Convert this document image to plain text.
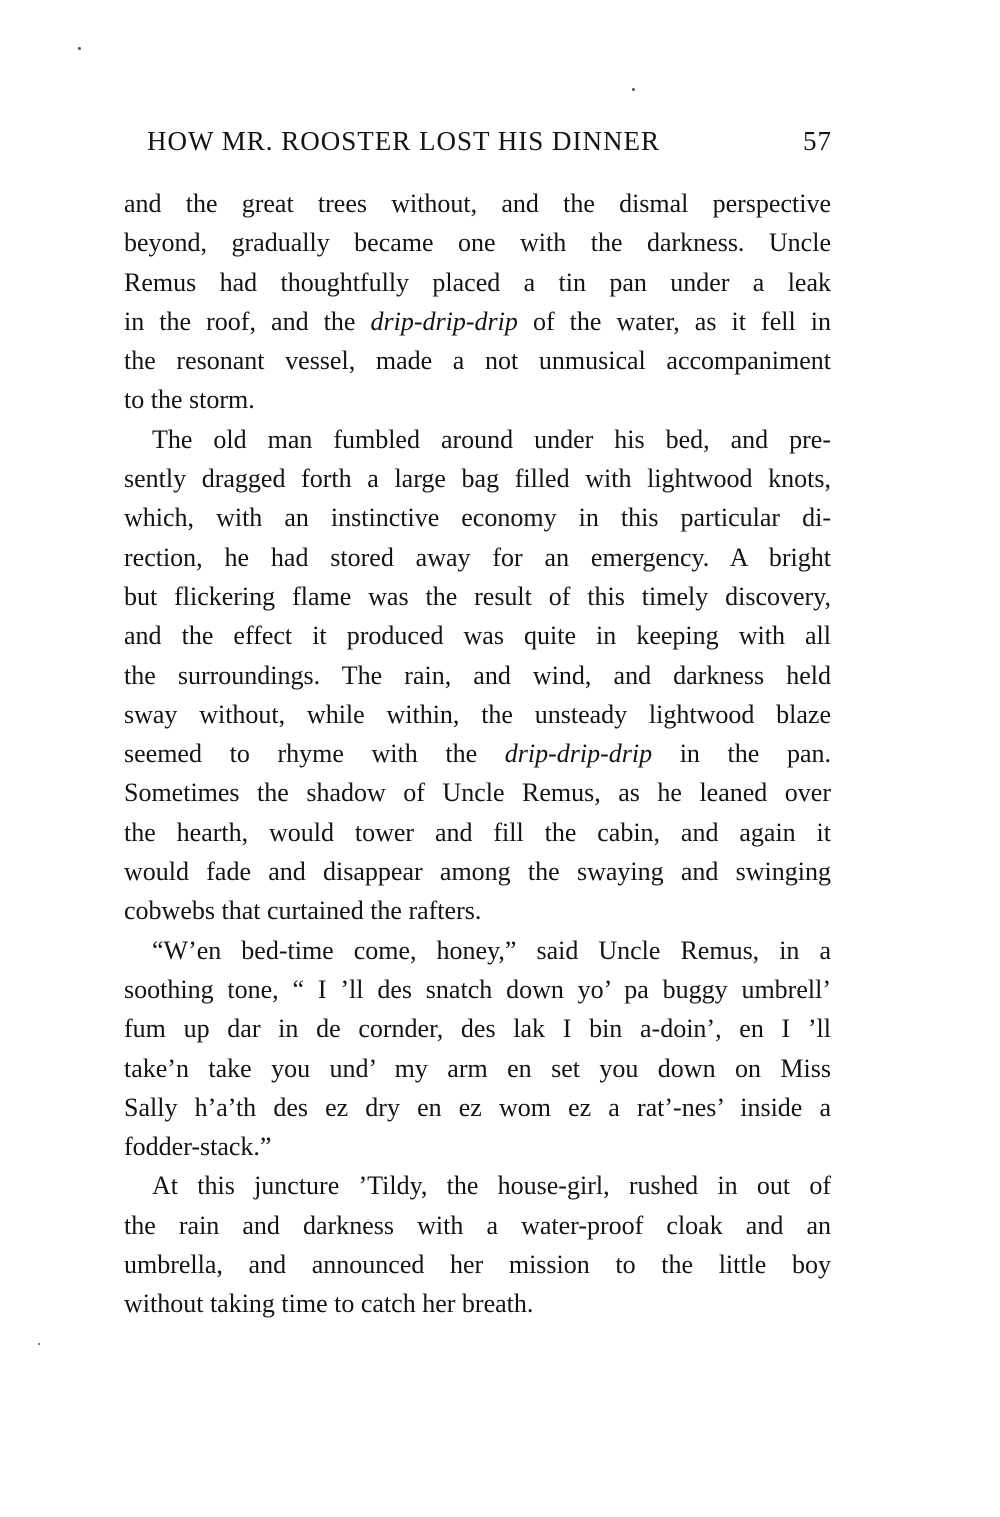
HOW MR. ROOSTER LOST HIS DINNER	57

and the great trees without, and the dismal perspective
beyond, gradually became one with the darkness. Uncle
Remus had thoughtfully placed a tin pan under a leak
in the roof, and the drip-drip-drip of the water, as it fell in
the resonant vessel, made a not unmusical accompaniment
to the storm.

The old man fumbled around under his bed, and pre-
sently dragged forth a large bag filled with lightwood knots,
which, with an instinctive economy in this particular di-
rection, he had stored away for an emergency. A bright
but flickering flame was the result of this timely discovery,
and the effect it produced was quite in keeping with all
the surroundings. The rain, and wind, and darkness held
sway without, while within, the unsteady lightwood blaze
seemed to rhyme with the drip-drip-drip in the pan.
Sometimes the shadow of Uncle Remus, as he leaned over
the hearth, would tower and fill the cabin, and again it
would fade and disappear among the swaying and swinging
cobwebs that curtained the rafters.

“W’en bed-time come, honey,” said Uncle Remus, in a
soothing tone, “ I ’ll des snatch down yo’ pa buggy umbrell’
fum up dar in de cornder, des lak I bin a-doin’, en I ’ll
take’n take you und’ my arm en set you down on Miss
Sally h’a’th des ez dry en ez wom ez a rat’-nes’ inside a
fodder-stack.”

At this juncture ’Tildy, the house-girl, rushed in out of
the rain and darkness with a water-proof cloak and an
umbrella, and announced her mission to the little boy
without taking time to catch her breath.
